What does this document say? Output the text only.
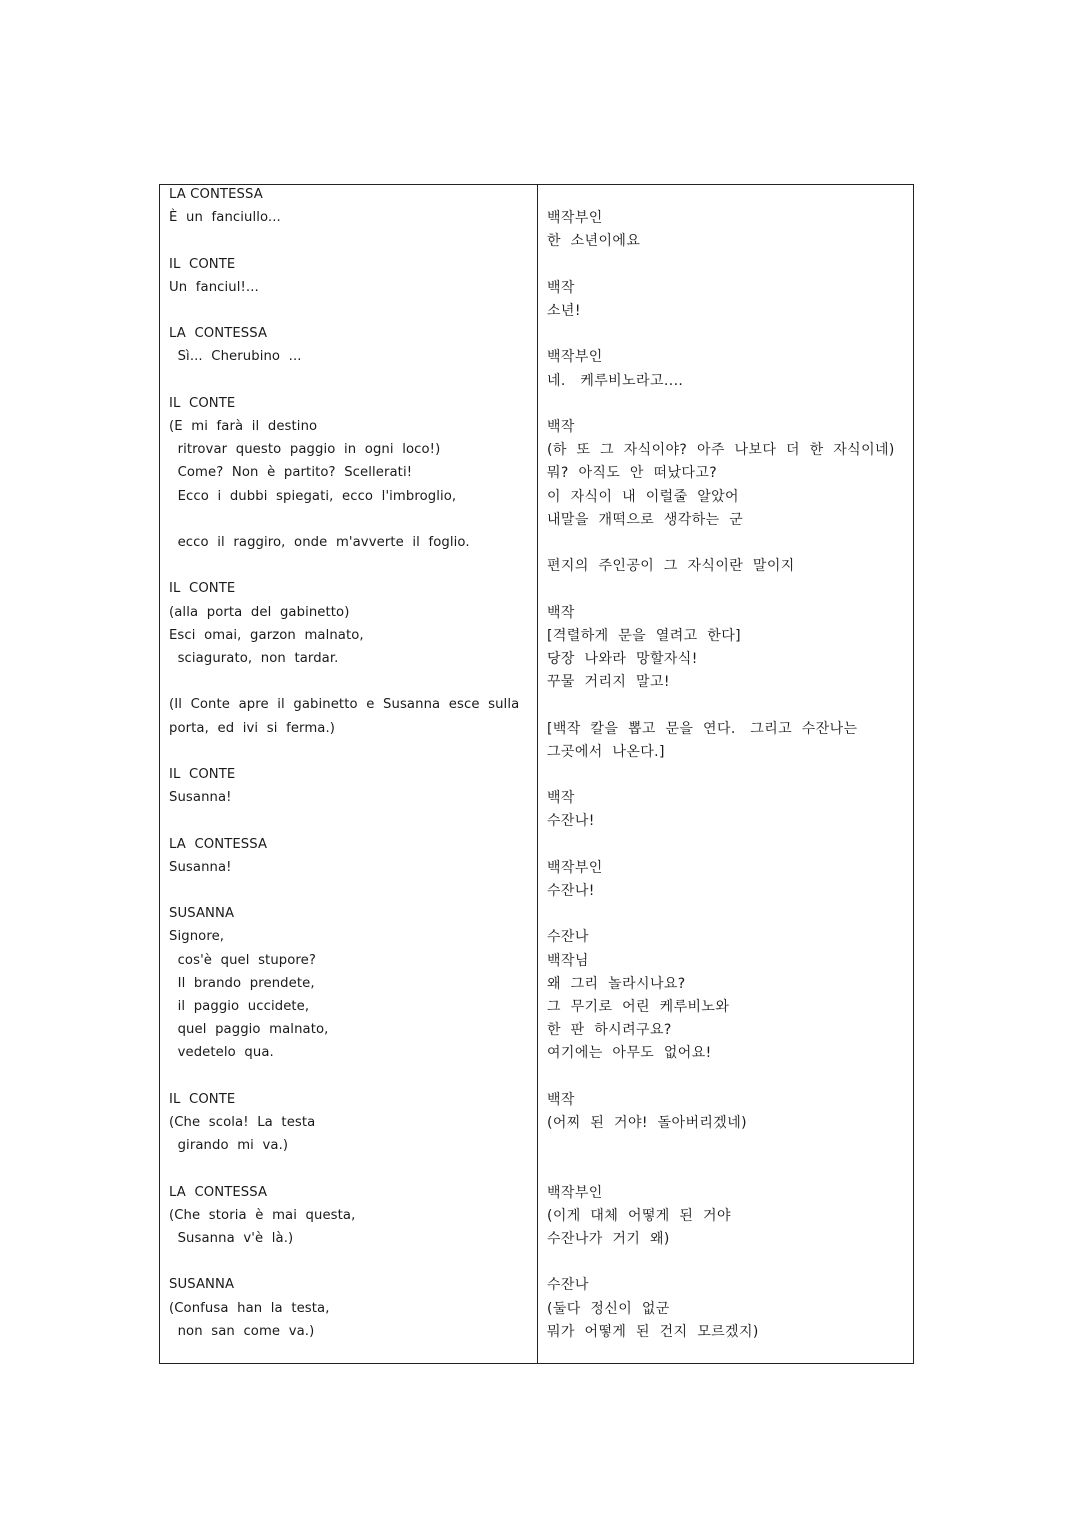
LA CONTESSA
È  un  fanciullo...
IL  CONTE
Un  fanciul!...
LA  CONTESSA
Sì...  Cherubino  ...
IL  CONTE
(E  mi  farà  il  destino
ritrovar  questo  paggio  in  ogni  loco!)
Come?  Non  è  partito?  Scellerati!
Ecco  i  dubbi  spiegati,  ecco  l'imbroglio,
ecco  il  raggiro,  onde  m'avverte  il  foglio.
IL  CONTE
(alla  porta  del  gabinetto)
Esci  omai,  garzon  malnato,
sciagurato,  non  tardar.
(Il  Conte  apre  il  gabinetto  e  Susanna  esce  sulla
porta,  ed  ivi  si  ferma.)
IL  CONTE
Susanna!
LA  CONTESSA
Susanna!
SUSANNA
Signore,
cos'è  quel  stupore?
Il  brando  prendete,
il  paggio  uccidete,
quel  paggio  malnato,
vedetelo  qua.
IL  CONTE
(Che  scola!  La  testa
girando  mi  va.)
LA  CONTESSA
(Che  storia  è  mai  questa,
Susanna  v'è  là.)
SUSANNA
(Confusa  han  la  testa,
non  san  come  va.)
백작부인
한  소년이에요
백작
소년!
백작부인
네.   케루비노라고....
백작
(하  또  그  자식이야?  아주  나보다  더  한  자식이네)
뭐?  아직도  안  떠났다고?
이  자식이  내  이럴줄  알았어
내말을  개떡으로  생각하는  군
편지의  주인공이  그  자식이란  말이지
백작
[격렬하게  문을  열려고  한다]
당장  나와라  망할자식!
꾸물  거리지  말고!
[백작  칼을  뽑고  문을  연다.   그리고  수잔나는
그곳에서  나온다.]
백작
수잔나!
백작부인
수잔나!
수잔나
백작님
왜  그리  놀라시나요?
그  무기로  어린  케루비노와
한  판  하시려구요?
여기에는  아무도  없어요!
백작
(어찌  된  거야!  돌아버리겠네)
백작부인
(이게  대체  어떻게  된  거야
수잔나가  거기  왜)
수잔나
(둘다  정신이  없군
뭐가  어떻게  된  건지  모르겠지)
